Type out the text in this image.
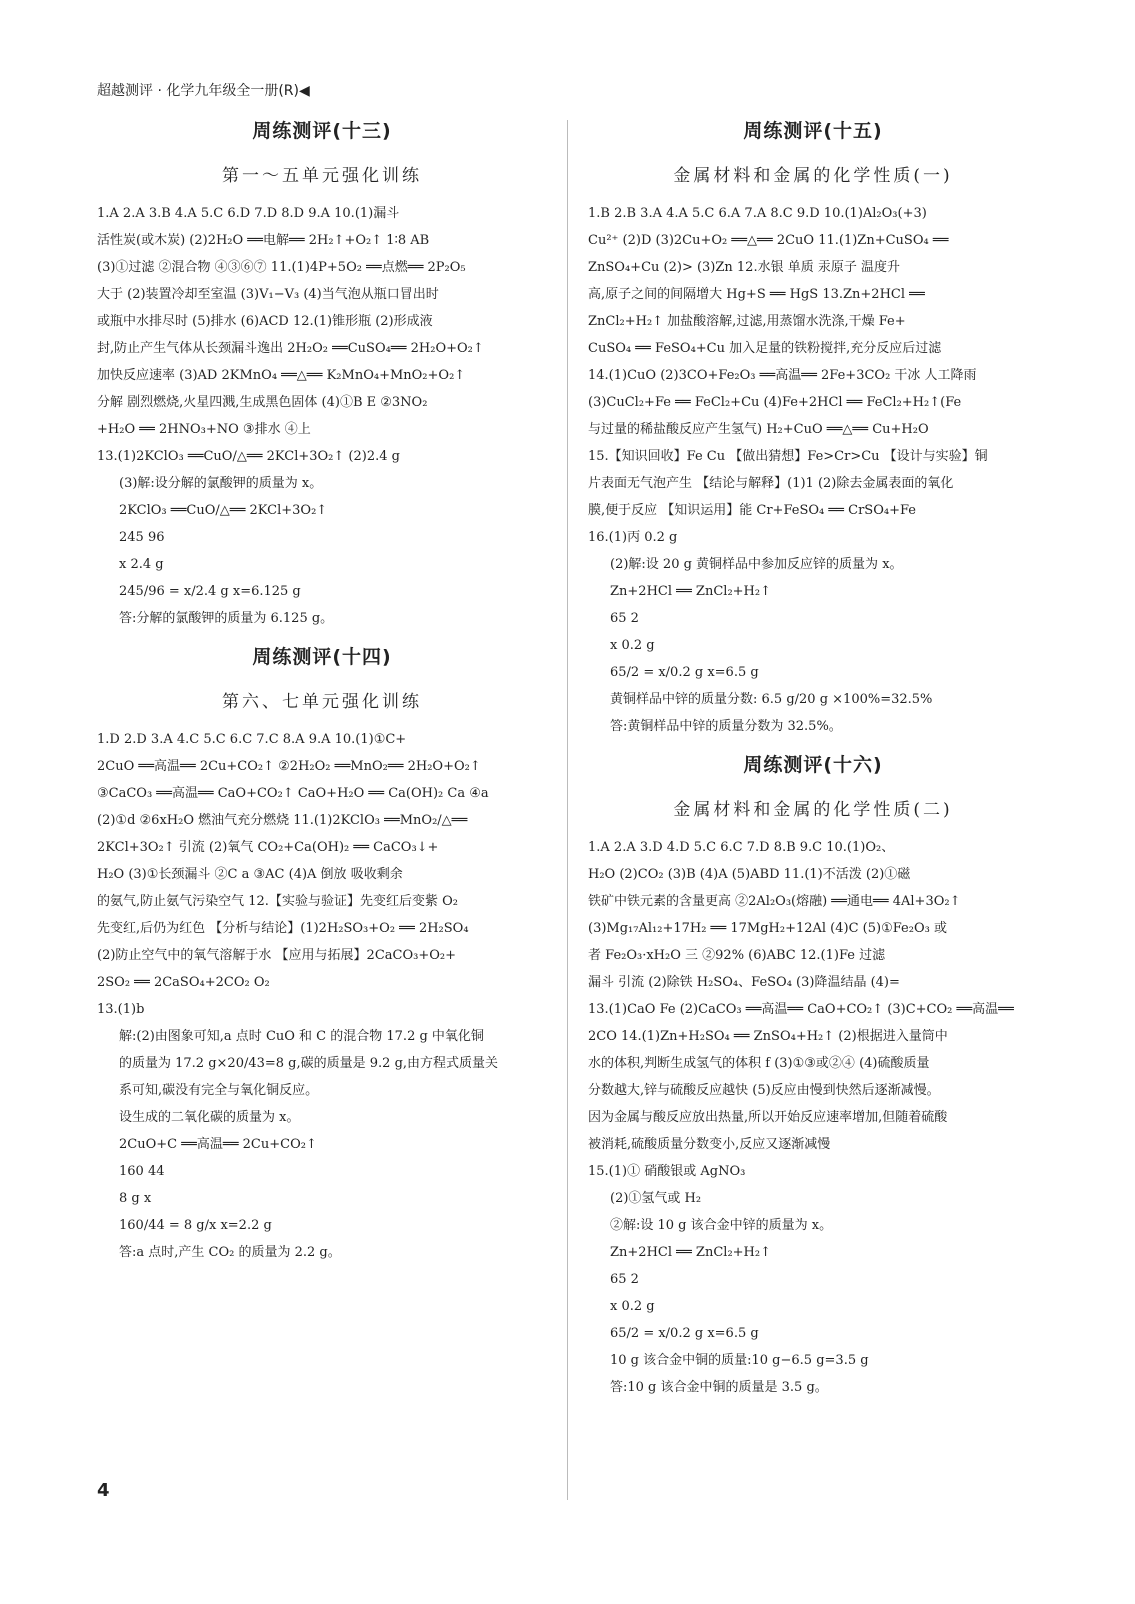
超越测评 · 化学九年级全一册(R)◀
周练测评(十三)
第一～五单元强化训练
1.A 2.A 3.B 4.A 5.C 6.D 7.D 8.D 9.A 10.(1)漏斗
活性炭(或木炭) (2)2H₂O ══电解══ 2H₂↑+O₂↑ 1∶8 AB
(3)①过滤 ②混合物 ④③⑥⑦ 11.(1)4P+5O₂ ══点燃══ 2P₂O₅
大于 (2)装置冷却至室温 (3)V₁−V₃ (4)当气泡从瓶口冒出时
或瓶中水排尽时 (5)排水 (6)ACD 12.(1)锥形瓶 (2)形成液
封,防止产生气体从长颈漏斗逸出 2H₂O₂ ══CuSO₄══ 2H₂O+O₂↑
加快反应速率 (3)AD 2KMnO₄ ══△══ K₂MnO₄+MnO₂+O₂↑
分解 剧烈燃烧,火星四溅,生成黑色固体 (4)①B E ②3NO₂
+H₂O ══ 2HNO₃+NO ③排水 ④上
13.(1)2KClO₃ ══CuO/△══ 2KCl+3O₂↑ (2)2.4 g
(3)解:设分解的氯酸钾的质量为 x。
2KClO₃ ══CuO/△══ 2KCl+3O₂↑
245 96
x 2.4 g
245/96 = x/2.4 g x=6.125 g
答:分解的氯酸钾的质量为 6.125 g。
周练测评(十四)
第六、七单元强化训练
1.D 2.D 3.A 4.C 5.C 6.C 7.C 8.A 9.A 10.(1)①C+
2CuO ══高温══ 2Cu+CO₂↑ ②2H₂O₂ ══MnO₂══ 2H₂O+O₂↑
③CaCO₃ ══高温══ CaO+CO₂↑ CaO+H₂O ══ Ca(OH)₂ Ca ④a
(2)①d ②6xH₂O 燃油气充分燃烧 11.(1)2KClO₃ ══MnO₂/△══
2KCl+3O₂↑ 引流 (2)氧气 CO₂+Ca(OH)₂ ══ CaCO₃↓+
H₂O (3)①长颈漏斗 ②C a ③AC (4)A 倒放 吸收剩余
的氨气,防止氨气污染空气 12.【实验与验证】先变红后变紫 O₂
先变红,后仍为红色 【分析与结论】(1)2H₂SO₃+O₂ ══ 2H₂SO₄
(2)防止空气中的氧气溶解于水 【应用与拓展】2CaCO₃+O₂+
2SO₂ ══ 2CaSO₄+2CO₂ O₂
13.(1)b
解:(2)由图象可知,a 点时 CuO 和 C 的混合物 17.2 g 中氧化铜
的质量为 17.2 g×20/43=8 g,碳的质量是 9.2 g,由方程式质量关
系可知,碳没有完全与氧化铜反应。
设生成的二氧化碳的质量为 x。
2CuO+C ══高温══ 2Cu+CO₂↑
160 44
8 g x
160/44 = 8 g/x x=2.2 g
答:a 点时,产生 CO₂ 的质量为 2.2 g。
周练测评(十五)
金属材料和金属的化学性质(一)
1.B 2.B 3.A 4.A 5.C 6.A 7.A 8.C 9.D 10.(1)Al₂O₃(+3)
Cu²⁺ (2)D (3)2Cu+O₂ ══△══ 2CuO 11.(1)Zn+CuSO₄ ══
ZnSO₄+Cu (2)> (3)Zn 12.水银 单质 汞原子 温度升
高,原子之间的间隔增大 Hg+S ══ HgS 13.Zn+2HCl ══
ZnCl₂+H₂↑ 加盐酸溶解,过滤,用蒸馏水洗涤,干燥 Fe+
CuSO₄ ══ FeSO₄+Cu 加入足量的铁粉搅拌,充分反应后过滤
14.(1)CuO (2)3CO+Fe₂O₃ ══高温══ 2Fe+3CO₂ 干冰 人工降雨
(3)CuCl₂+Fe ══ FeCl₂+Cu (4)Fe+2HCl ══ FeCl₂+H₂↑(Fe
与过量的稀盐酸反应产生氢气) H₂+CuO ══△══ Cu+H₂O
15.【知识回收】Fe Cu 【做出猜想】Fe>Cr>Cu 【设计与实验】铜
片表面无气泡产生 【结论与解释】(1)1 (2)除去金属表面的氧化
膜,便于反应 【知识运用】能 Cr+FeSO₄ ══ CrSO₄+Fe
16.(1)丙 0.2 g
(2)解:设 20 g 黄铜样品中参加反应锌的质量为 x。
Zn+2HCl ══ ZnCl₂+H₂↑
65 2
x 0.2 g
65/2 = x/0.2 g x=6.5 g
黄铜样品中锌的质量分数: 6.5 g/20 g ×100%=32.5%
答:黄铜样品中锌的质量分数为 32.5%。
周练测评(十六)
金属材料和金属的化学性质(二)
1.A 2.A 3.D 4.D 5.C 6.C 7.D 8.B 9.C 10.(1)O₂、
H₂O (2)CO₂ (3)B (4)A (5)ABD 11.(1)不活泼 (2)①磁
铁矿中铁元素的含量更高 ②2Al₂O₃(熔融) ══通电══ 4Al+3O₂↑
(3)Mg₁₇Al₁₂+17H₂ ══ 17MgH₂+12Al (4)C (5)①Fe₂O₃ 或
者 Fe₂O₃·xH₂O 三 ②92% (6)ABC 12.(1)Fe 过滤
漏斗 引流 (2)除铁 H₂SO₄、FeSO₄ (3)降温结晶 (4)=
13.(1)CaO Fe (2)CaCO₃ ══高温══ CaO+CO₂↑ (3)C+CO₂ ══高温══
2CO 14.(1)Zn+H₂SO₄ ══ ZnSO₄+H₂↑ (2)根据进入量筒中
水的体积,判断生成氢气的体积 f (3)①③或②④ (4)硫酸质量
分数越大,锌与硫酸反应越快 (5)反应由慢到快然后逐渐减慢。
因为金属与酸反应放出热量,所以开始反应速率增加,但随着硫酸
被消耗,硫酸质量分数变小,反应又逐渐减慢
15.(1)① 硝酸银或 AgNO₃
(2)①氢气或 H₂
②解:设 10 g 该合金中锌的质量为 x。
Zn+2HCl ══ ZnCl₂+H₂↑
65 2
x 0.2 g
65/2 = x/0.2 g x=6.5 g
10 g 该合金中铜的质量:10 g−6.5 g=3.5 g
答:10 g 该合金中铜的质量是 3.5 g。
4
